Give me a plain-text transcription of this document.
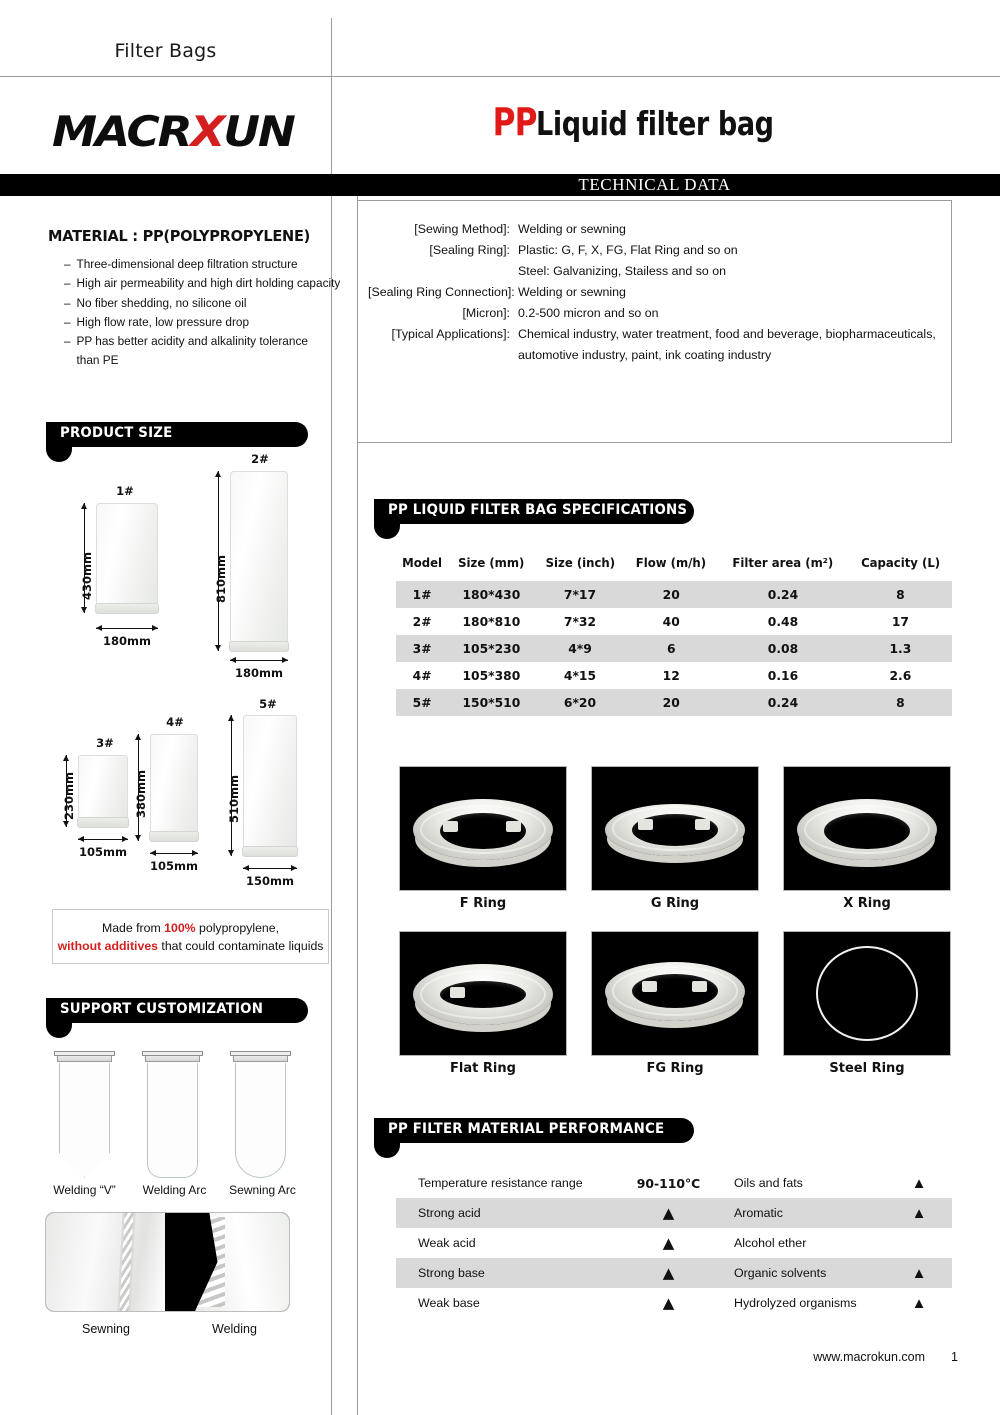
Filter Bags
MACRXUN	PPLiquid filter bag
TECHNICAL DATA
[Sewing Method]: Welding or sewning
[Sealing Ring]: Plastic: G, F, X, FG, Flat Ring and so on
Steel: Galvanizing, Stailess and so on
[Sealing Ring Connection]: Welding or sewning
[Micron]: 0.2-500 micron and so on
[Typical Applications]: Chemical industry, water treatment, food and beverage, biopharmaceuticals,
automotive industry, paint, ink coating industry
MATERIAL : PP(POLYPROPYLENE)
– Three-dimensional deep filtration structure
– High air permeability and high dirt holding capacity
– No fiber shedding, no silicone oil
– High flow rate, low pressure drop
– PP has better acidity and alkalinity tolerance
than PE
PRODUCT SIZE
1#
430mm
180mm
2#
810mm
180mm
3#
230mm
105mm
4#
380mm
105mm
5#
510mm
150mm
Made from 100% polypropylene,
without additives that could contaminate liquids
SUPPORT CUSTOMIZATION
Welding “V”	Welding Arc	Sewning Arc
Sewning	Welding
PP LIQUID FILTER BAG SPECIFICATIONS
Model	Size (mm)	Size (inch)	Flow (m/h)	Filter area (m²)	Capacity (L)
1#	180*430	7*17	20	0.24	8
2#	180*810	7*32	40	0.48	17
3#	105*230	4*9	6	0.08	1.3
4#	105*380	4*15	12	0.16	2.6
5#	150*510	6*20	20	0.24	8
F Ring	G Ring	X Ring
Flat Ring	FG Ring	Steel Ring
PP FILTER MATERIAL PERFORMANCE
Temperature resistance range	90-110°C	Oils and fats	▲
Strong acid	▲	Aromatic	▲
Weak acid	▲	Alcohol ether	
Strong base	▲	Organic solvents	▲
Weak base	▲	Hydrolyzed organisms	▲
www.macrokun.com 1
